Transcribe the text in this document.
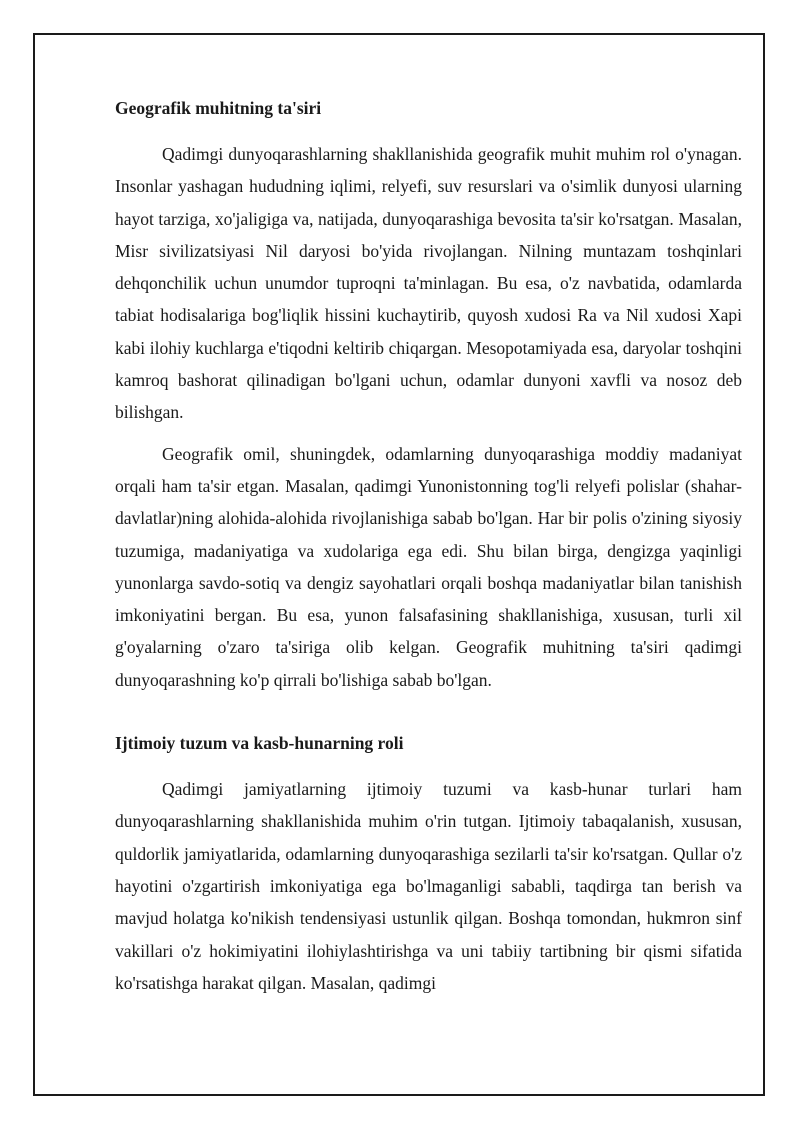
Geografik muhitning ta'siri

Qadimgi dunyoqarashlarning shakllanishida geografik muhit muhim rol o'ynagan. Insonlar yashagan hududning iqlimi, relyefi, suv resurslari va o'simlik dunyosi ularning hayot tarziga, xo'jaligiga va, natijada, dunyoqarashiga bevosita ta'sir ko'rsatgan. Masalan, Misr sivilizatsiyasi Nil daryosi bo'yida rivojlangan. Nilning muntazam toshqinlari dehqonchilik uchun unumdor tuproqni ta'minlagan. Bu esa, o'z navbatida, odamlarda tabiat hodisalariga bog'liqlik hissini kuchaytirib, quyosh xudosi Ra va Nil xudosi Xapi kabi ilohiy kuchlarga e'tiqodni keltirib chiqargan. Mesopotamiyada esa, daryolar toshqini kamroq bashorat qilinadigan bo'lgani uchun, odamlar dunyoni xavfli va nosoz deb bilishgan.

Geografik omil, shuningdek, odamlarning dunyoqarashiga moddiy madaniyat orqali ham ta'sir etgan. Masalan, qadimgi Yunonistonning tog'li relyefi polislar (shahar-davlatlar)ning alohida-alohida rivojlanishiga sabab bo'lgan. Har bir polis o'zining siyosiy tuzumiga, madaniyatiga va xudolariga ega edi. Shu bilan birga, dengizga yaqinligi yunonlarga savdo-sotiq va dengiz sayohatlari orqali boshqa madaniyatlar bilan tanishish imkoniyatini bergan. Bu esa, yunon falsafasining shakllanishiga, xususan, turli xil g'oyalarning o'zaro ta'siriga olib kelgan. Geografik muhitning ta'siri qadimgi dunyoqarashning ko'p qirrali bo'lishiga sabab bo'lgan.

Ijtimoiy tuzum va kasb-hunarning roli

Qadimgi jamiyatlarning ijtimoiy tuzumi va kasb-hunar turlari ham dunyoqarashlarning shakllanishida muhim o'rin tutgan. Ijtimoiy tabaqalanish, xususan, quldorlik jamiyatlarida, odamlarning dunyoqarashiga sezilarli ta'sir ko'rsatgan. Qullar o'z hayotini o'zgartirish imkoniyatiga ega bo'lmaganligi sababli, taqdirga tan berish va mavjud holatga ko'nikish tendensiyasi ustunlik qilgan. Boshqa tomondan, hukmron sinf vakillari o'z hokimiyatini ilohiylashtirishga va uni tabiiy tartibning bir qismi sifatida ko'rsatishga harakat qilgan. Masalan, qadimgi
